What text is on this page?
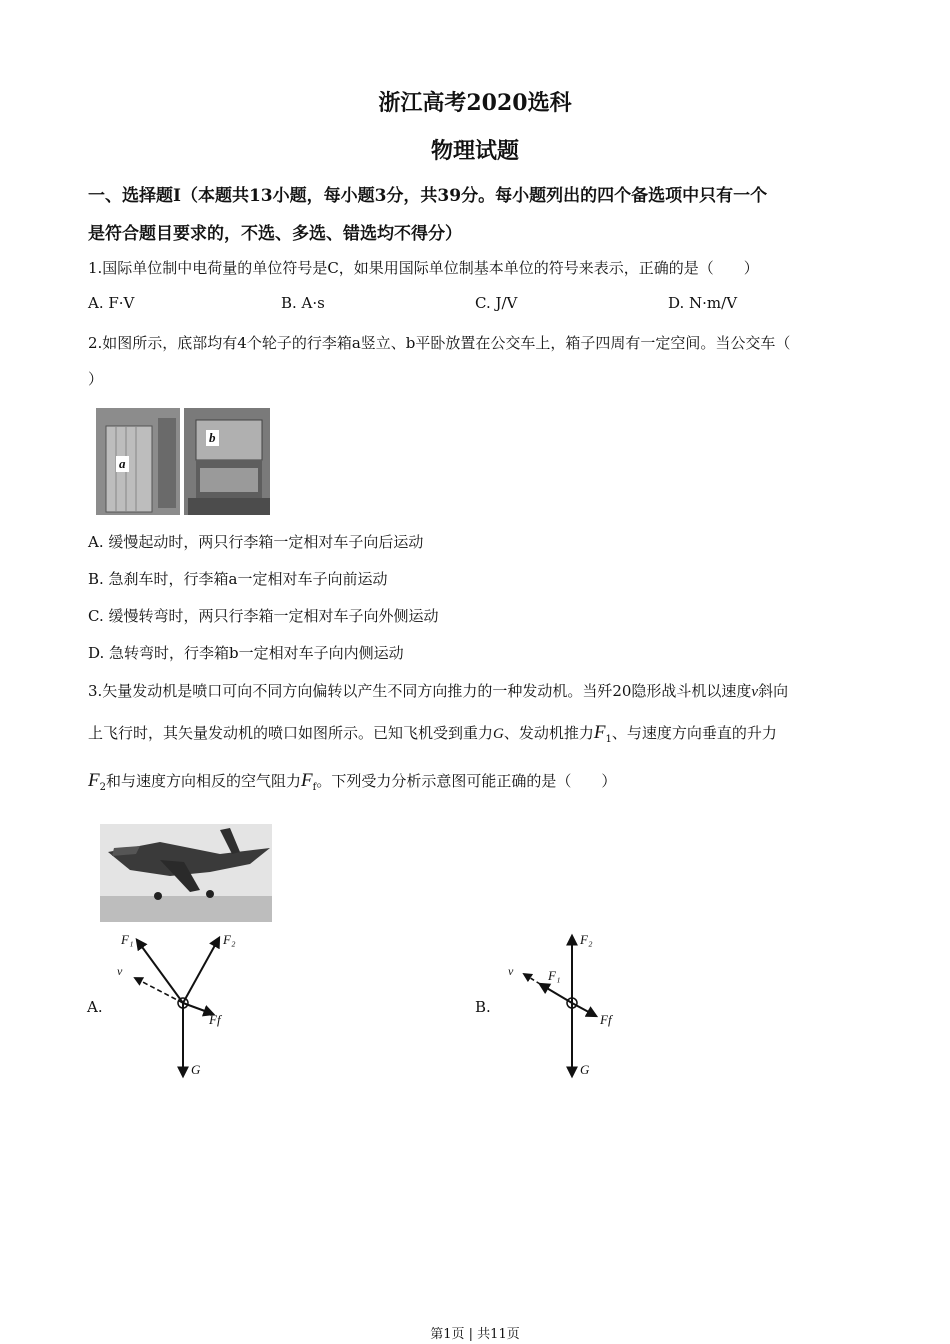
浙江高考2020选科
物理试题
一、选择题Ⅰ（本题共13小题，每小题3分，共39分。每小题列出的四个备选项中只有一个
是符合题目要求的，不选、多选、错选均不得分）
1.国际单位制中电荷量的单位符号是C，如果用国际单位制基本单位的符号来表示，正确的是（　　）
A. F·V	B. A·s	C. J/V	D. N·m/V
2.如图所示，底部均有4个轮子的行李箱a竖立、b平卧放置在公交车上，箱子四周有一定空间。当公交车（
）
a
b
A. 缓慢起动时，两只行李箱一定相对车子向后运动
B. 急刹车时，行李箱a一定相对车子向前运动
C. 缓慢转弯时，两只行李箱一定相对车子向外侧运动
D. 急转弯时，行李箱b一定相对车子向内侧运动
3.矢量发动机是喷口可向不同方向偏转以产生不同方向推力的一种发动机。当歼20隐形战斗机以速度v斜向
上飞行时，其矢量发动机的喷口如图所示。已知飞机受到重力G、发动机推力$F_1$、与速度方向垂直的升力
$F_2$和与速度方向相反的空气阻力$F_f$。下列受力分析示意图可能正确的是（　　）
A.
F₁	F₂
v
Ff
G
B.
F₂
F₁
v
Ff
G
第1页 | 共11页
